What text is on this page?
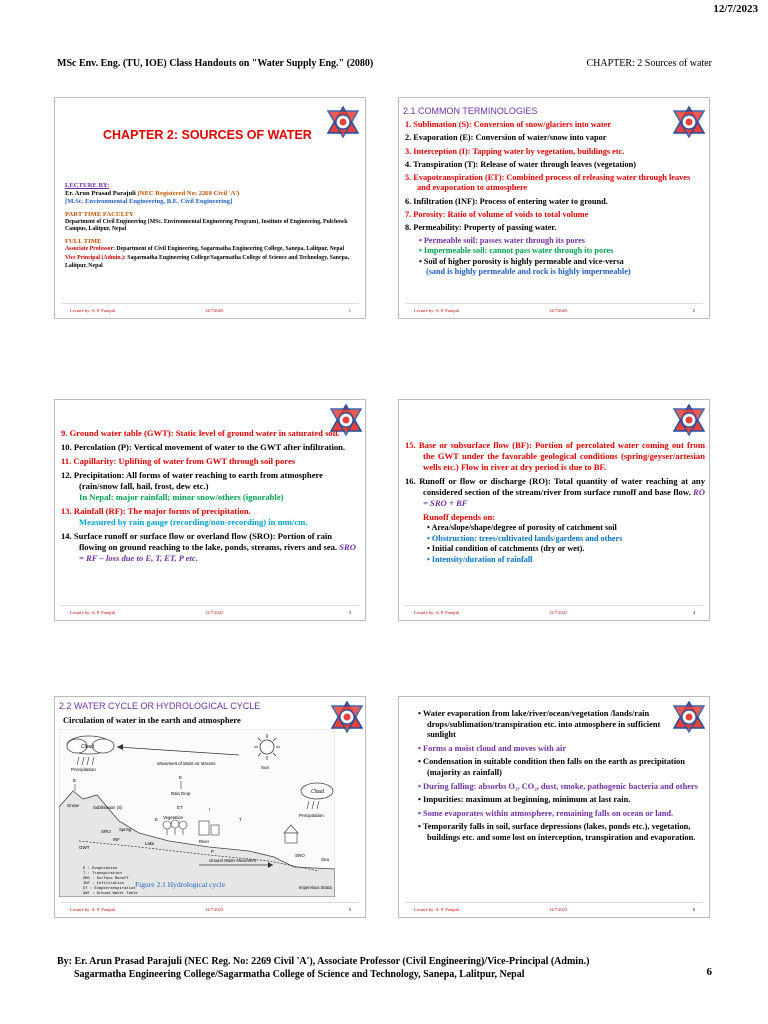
12/7/2023
MSc Env. Eng. (TU, IOE) Class Handouts on "Water Supply Eng." (2080)	CHAPTER: 2 Sources of water
CHAPTER 2: SOURCES OF WATER
LECTURE BY:
Er. Arun Prasad Parajuli (NEC Registered No: 2269 Civil 'A')
[M.Sc. Environmental Engineering, B.E. Civil Engineering]
PART TIME FACULTY
Department of Civil Engineering (MSc. Environmental Engineering Program), Institute of Engineering, Pulchowk Campus, Lalitpur, Nepal
FULL TIME
Associate Professor: Department of Civil Engineering, Sagarmatha Engineering College, Sanepa, Lalitpur, Nepal
Vice Principal (Admin.): Sagarmatha Engineering College/Sagarmatha College of Science and Technology, Sanepa, Lalitpur, Nepal
Lecture by: A. P. Parajuli	12/7/2023	1
2.1 COMMON TERMINOLOGIES
1. Sublimation (S): Conversion of snow/glaciers into water
2. Evaporation (E): Conversion of water/snow into vapor
3. Interception (I): Tapping water by vegetation, buildings etc.
4. Transpiration (T): Release of water through leaves (vegetation)
5. Evapotranspiration (ET): Combined process of releasing water through leaves and evaporation to atmosphere
6. Infiltration (INF): Process of entering water to ground.
7. Porosity: Ratio of volume of voids to total volume
8. Permeability: Property of passing water.
• Permeable soil: passes water through its pores
• Impermeable soil: cannot pass water through its pores
• Soil of higher porosity is highly permeable and vice-versa
(sand is highly permeable and rock is highly impermeable)
Lecture by: A. P. Parajuli	12/7/2023	2
9. Ground water table (GWT): Static level of ground water in saturated soil.
10. Percolation (P): Vertical movement of water to the GWT after infiltration.
11. Capillarity: Uplifting of water from GWT through soil pores
12. Precipitation: All forms of water reaching to earth from atmosphere (rain/snow fall, hail, frost, dew etc.)
In Nepal: major rainfall; minor snow/others (ignorable)
13. Rainfall (RF): The major forms of precipitation.
Measured by rain gauge (recording/non-recording) in mm/cm.
14. Surface runoff or surface flow or overland flow (SRO): Portion of rain flowing on ground reaching to the lake, ponds, streams, rivers and sea. SRO = RF – loss due to E, T, ET, P etc.
Lecture by: A. P. Parajuli	12/7/2023	3
15. Base or subsurface flow (BF): Portion of percolated water coming out from the GWT under the favorable geological conditions (spring/geyser/artesian wells etc.) Flow in river at dry period is due to BF.
16. Runoff or flow or discharge (RO): Total quantity of water reaching at any considered section of the stream/river from surface runoff and base flow. RO = SRO + BF
Runoff depends on:
• Area/slope/shape/degree of porosity of catchment soil
• Obstruction: trees/cultivated lands/gardens and others
• Initial condition of catchments (dry or wet).
• Intensity/duration of rainfall
Lecture by: A. P. Parajuli	12/7/2023	4
2.2 WATER CYCLE OR HYDROLOGICAL CYCLE
Circulation of water in the earth and atmosphere
Cloud
Cloud
Sun
Movement of Moist Air Masses
Precipitation
Precipitation
E
Rain Drop
E
Snow	Sublimation (S)	ET
Vegetation
E
I
T
River
Spring
Lake
SRO
SRO
INF
P
GWT
Ground Water Movement	Sea
Impervious Strata
E : Evaporation
T : Transpiration
SRO : Surface Runoff
INF : Infiltration
ET : Evapotranspiration
GWT : Ground Water Table
Figure 2.1 Hydrological cycle
Lecture by: A. P. Parajuli	12/7/2023	5
• Water evaporation from lake/river/ocean/vegetation /lands/rain drops/sublimation/transpiration etc. into atmosphere in sufficient sunlight
• Forms a moist cloud and moves with air
• Condensation in suitable condition then falls on the earth as precipitation (majority as rainfall)
• During falling: absorbs O₂, CO₂, dust, smoke, pathogenic bacteria and others
• Impurities: maximum at beginning, minimum at last rain.
• Some evaporates within atmosphere, remaining falls on ocean or land.
• Temporarily falls in soil, surface depressions (lakes, ponds etc.), vegetation, buildings etc. and some lost on interception, transpiration and evaporation.
Lecture by: A. P. Parajuli	12/7/2023	6
By: Er. Arun Prasad Parajuli (NEC Reg. No: 2269 Civil 'A'), Associate Professor (Civil Engineering)/Vice-Principal (Admin.)
Sagarmatha Engineering College/Sagarmatha College of Science and Technology, Sanepa, Lalitpur, Nepal	6
